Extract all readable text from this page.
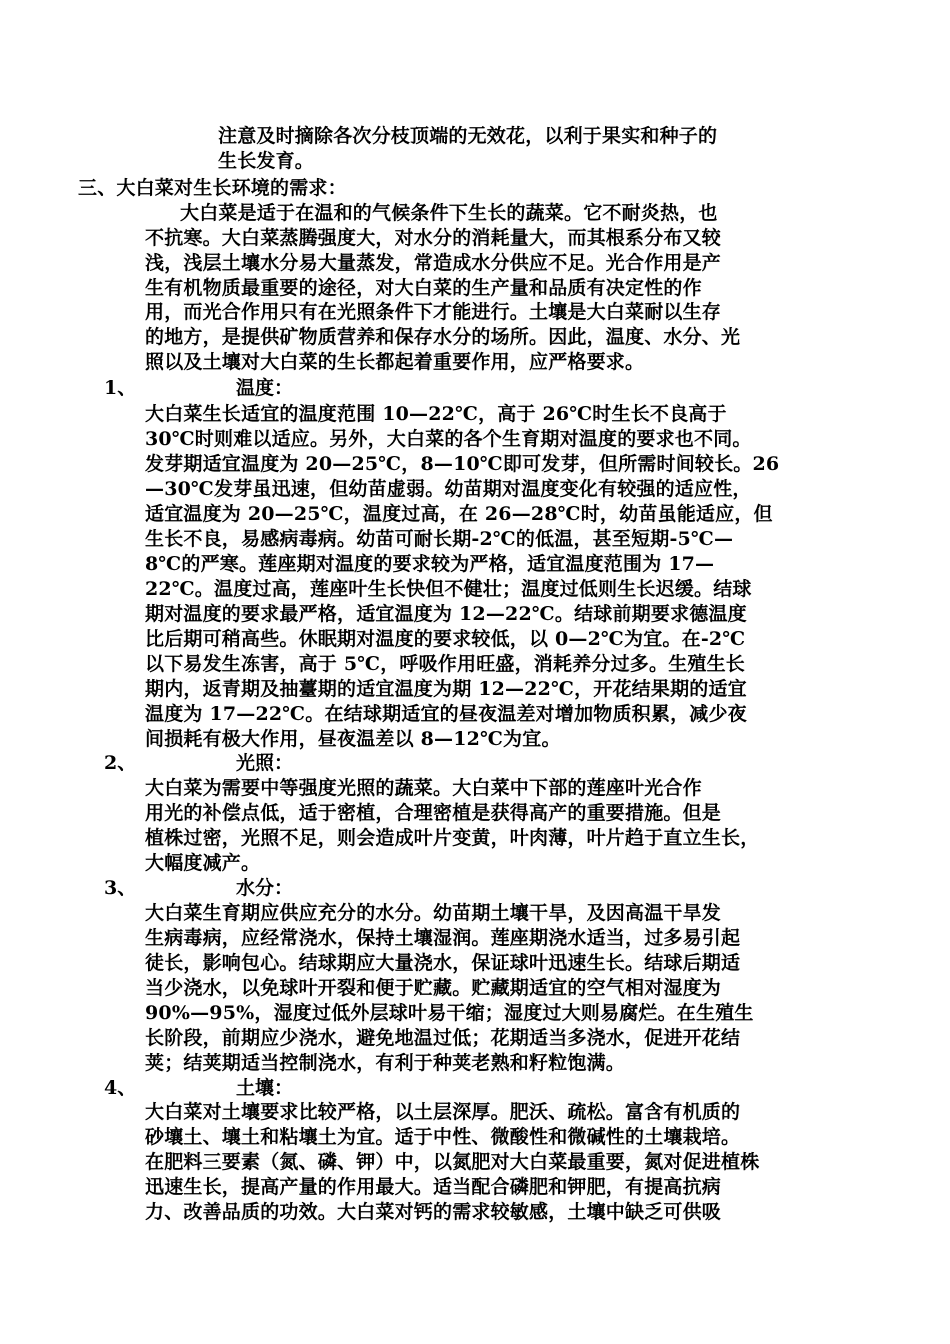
注意及时摘除各次分枝顶端的无效花，以利于果实和种子的
生长发育。
三、大白菜对生长环境的需求：
大白菜是适于在温和的气候条件下生长的蔬菜。它不耐炎热，也
不抗寒。大白菜蒸腾强度大，对水分的消耗量大，而其根系分布又较
浅，浅层土壤水分易大量蒸发，常造成水分供应不足。光合作用是产
生有机物质最重要的途径，对大白菜的生产量和品质有决定性的作
用，而光合作用只有在光照条件下才能进行。土壤是大白菜耐以生存
的地方，是提供矿物质营养和保存水分的场所。因此，温度、水分、光
照以及土壤对大白菜的生长都起着重要作用，应严格要求。
1、	温度：
大白菜生长适宜的温度范围 10—22℃，高于 26℃时生长不良高于
30℃时则难以适应。另外，大白菜的各个生育期对温度的要求也不同。
发芽期适宜温度为 20—25℃，8—10℃即可发芽，但所需时间较长。26
—30℃发芽虽迅速，但幼苗虚弱。幼苗期对温度变化有较强的适应性，
适宜温度为 20—25℃，温度过高，在 26—28℃时，幼苗虽能适应，但
生长不良，易感病毒病。幼苗可耐长期-2℃的低温，甚至短期-5℃—
8℃的严寒。莲座期对温度的要求较为严格，适宜温度范围为 17—
22℃。温度过高，莲座叶生长快但不健壮；温度过低则生长迟缓。结球
期对温度的要求最严格，适宜温度为 12—22℃。结球前期要求德温度
比后期可稍高些。休眠期对温度的要求较低，以 0—2℃为宜。在-2℃
以下易发生冻害，高于 5℃，呼吸作用旺盛，消耗养分过多。生殖生长
期内，返青期及抽薹期的适宜温度为期 12—22℃，开花结果期的适宜
温度为 17—22℃。在结球期适宜的昼夜温差对增加物质积累，减少夜
间损耗有极大作用，昼夜温差以 8—12℃为宜。
2、	光照：
大白菜为需要中等强度光照的蔬菜。大白菜中下部的莲座叶光合作
用光的补偿点低，适于密植，合理密植是获得高产的重要措施。但是
植株过密，光照不足，则会造成叶片变黄，叶肉薄，叶片趋于直立生长，
大幅度减产。
3、	水分：
大白菜生育期应供应充分的水分。幼苗期土壤干旱，及因高温干旱发
生病毒病，应经常浇水，保持土壤湿润。莲座期浇水适当，过多易引起
徒长，影响包心。结球期应大量浇水，保证球叶迅速生长。结球后期适
当少浇水，以免球叶开裂和便于贮藏。贮藏期适宜的空气相对湿度为
90%—95%，湿度过低外层球叶易干缩；湿度过大则易腐烂。在生殖生
长阶段，前期应少浇水，避免地温过低；花期适当多浇水，促进开花结
荚；结荚期适当控制浇水，有利于种荚老熟和籽粒饱满。
4、	土壤：
大白菜对土壤要求比较严格，以土层深厚。肥沃、疏松。富含有机质的
砂壤土、壤土和粘壤土为宜。适于中性、微酸性和微碱性的土壤栽培。
在肥料三要素（氮、磷、钾）中，以氮肥对大白菜最重要，氮对促进植株
迅速生长，提高产量的作用最大。适当配合磷肥和钾肥，有提高抗病
力、改善品质的功效。大白菜对钙的需求较敏感，土壤中缺乏可供吸
